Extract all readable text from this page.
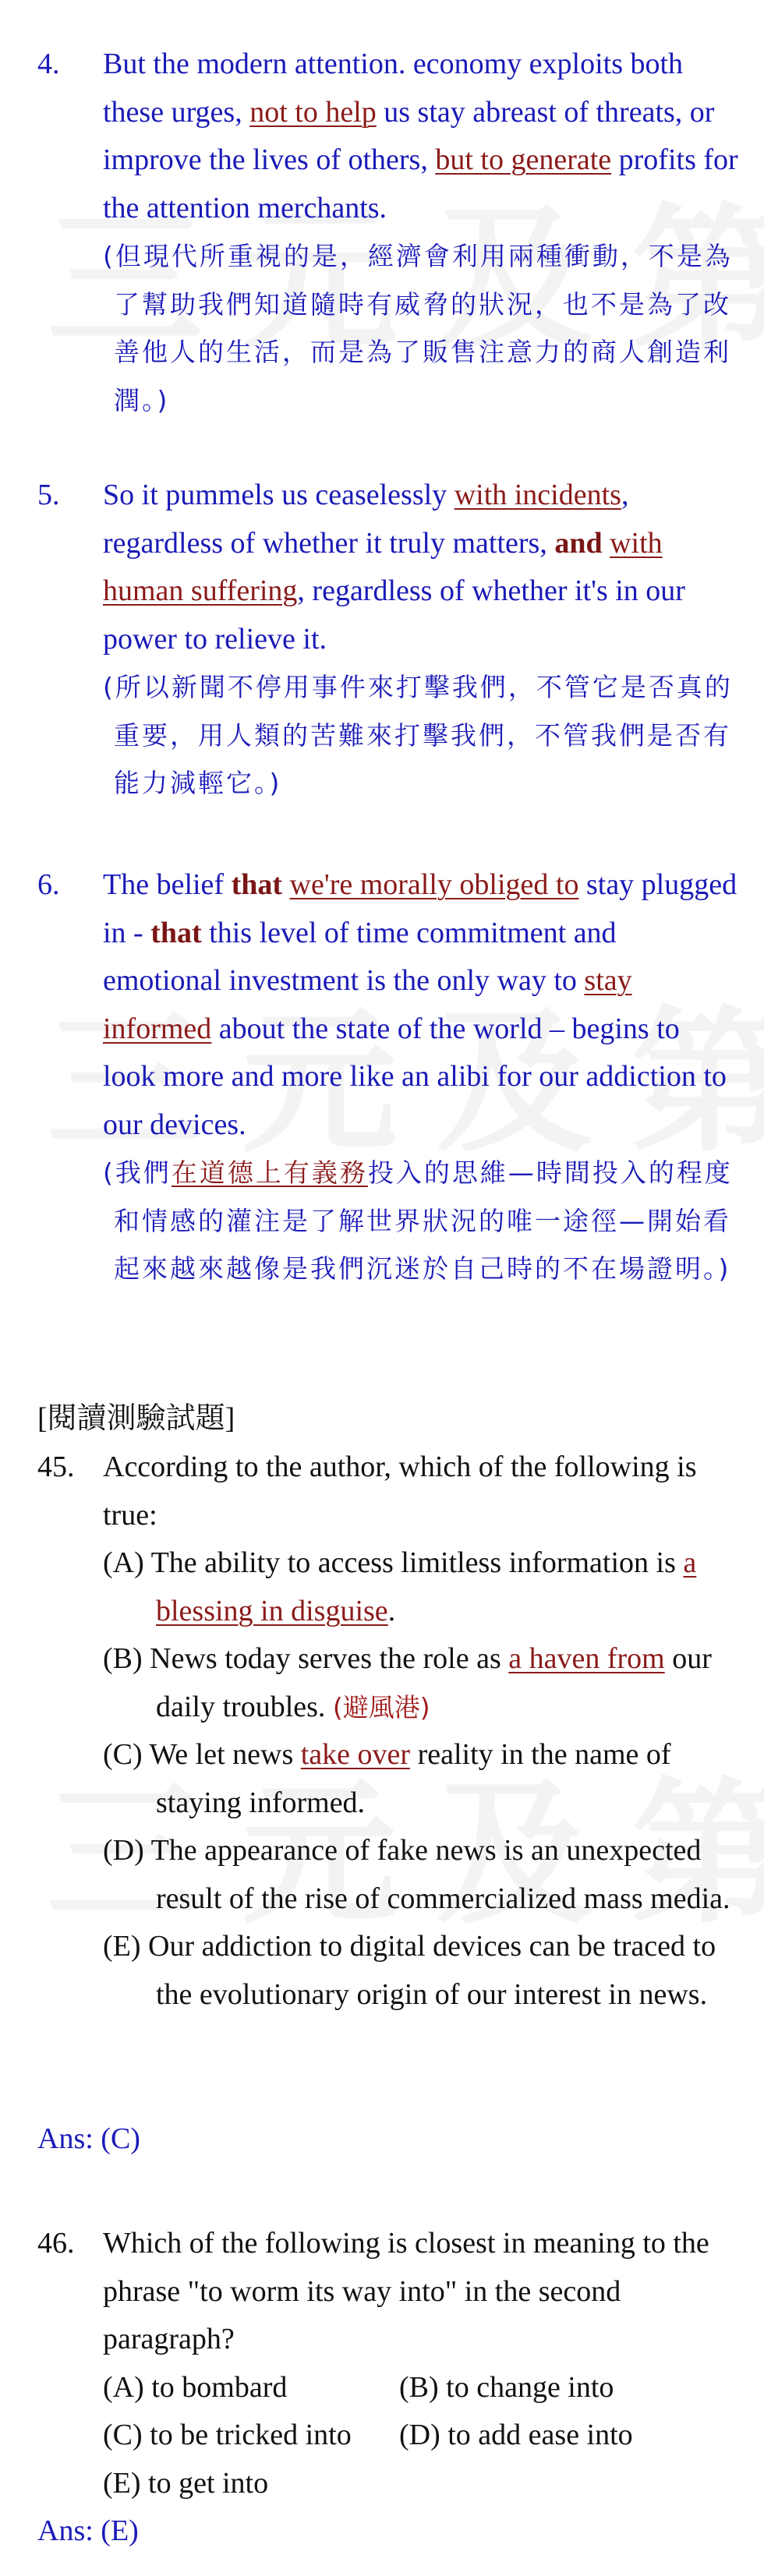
4. But the modern attention. economy exploits both these urges, not to help us stay abreast of threats, or improve the lives of others, but to generate profits for the attention merchants.
(但現代所重視的是，經濟會利用兩種衝動，不是為了幫助我們知道隨時有威脅的狀況，也不是為了改善他人的生活，而是為了販售注意力的商人創造利潤。)
5. So it pummels us ceaselessly with incidents, regardless of whether it truly matters, and with human suffering, regardless of whether it's in our power to relieve it.
(所以新聞不停用事件來打擊我們，不管它是否真的重要，用人類的苦難來打擊我們，不管我們是否有能力減輕它。)
6. The belief that we're morally obliged to stay plugged in - that this level of time commitment and emotional investment is the only way to stay informed about the state of the world – begins to look more and more like an alibi for our addiction to our devices.
(我們在道德上有義務投入的思維—時間投入的程度和情感的灌注是了解世界狀況的唯一途徑—開始看起來越來越像是我們沉迷於自己時的不在場證明。)
[閱讀測驗試題]
45. According to the author, which of the following is true:
(A) The ability to access limitless information is a blessing in disguise.
(B) News today serves the role as a haven from our daily troubles. (避風港)
(C) We let news take over reality in the name of staying informed.
(D) The appearance of fake news is an unexpected result of the rise of commercialized mass media.
(E) Our addiction to digital devices can be traced to the evolutionary origin of our interest in news.
Ans: (C)
46. Which of the following is closest in meaning to the phrase "to worm its way into" in the second paragraph?
(A) to bombard	(B) to change into
(C) to be tricked into	(D) to add ease into
(E) to get into
Ans: (E)
